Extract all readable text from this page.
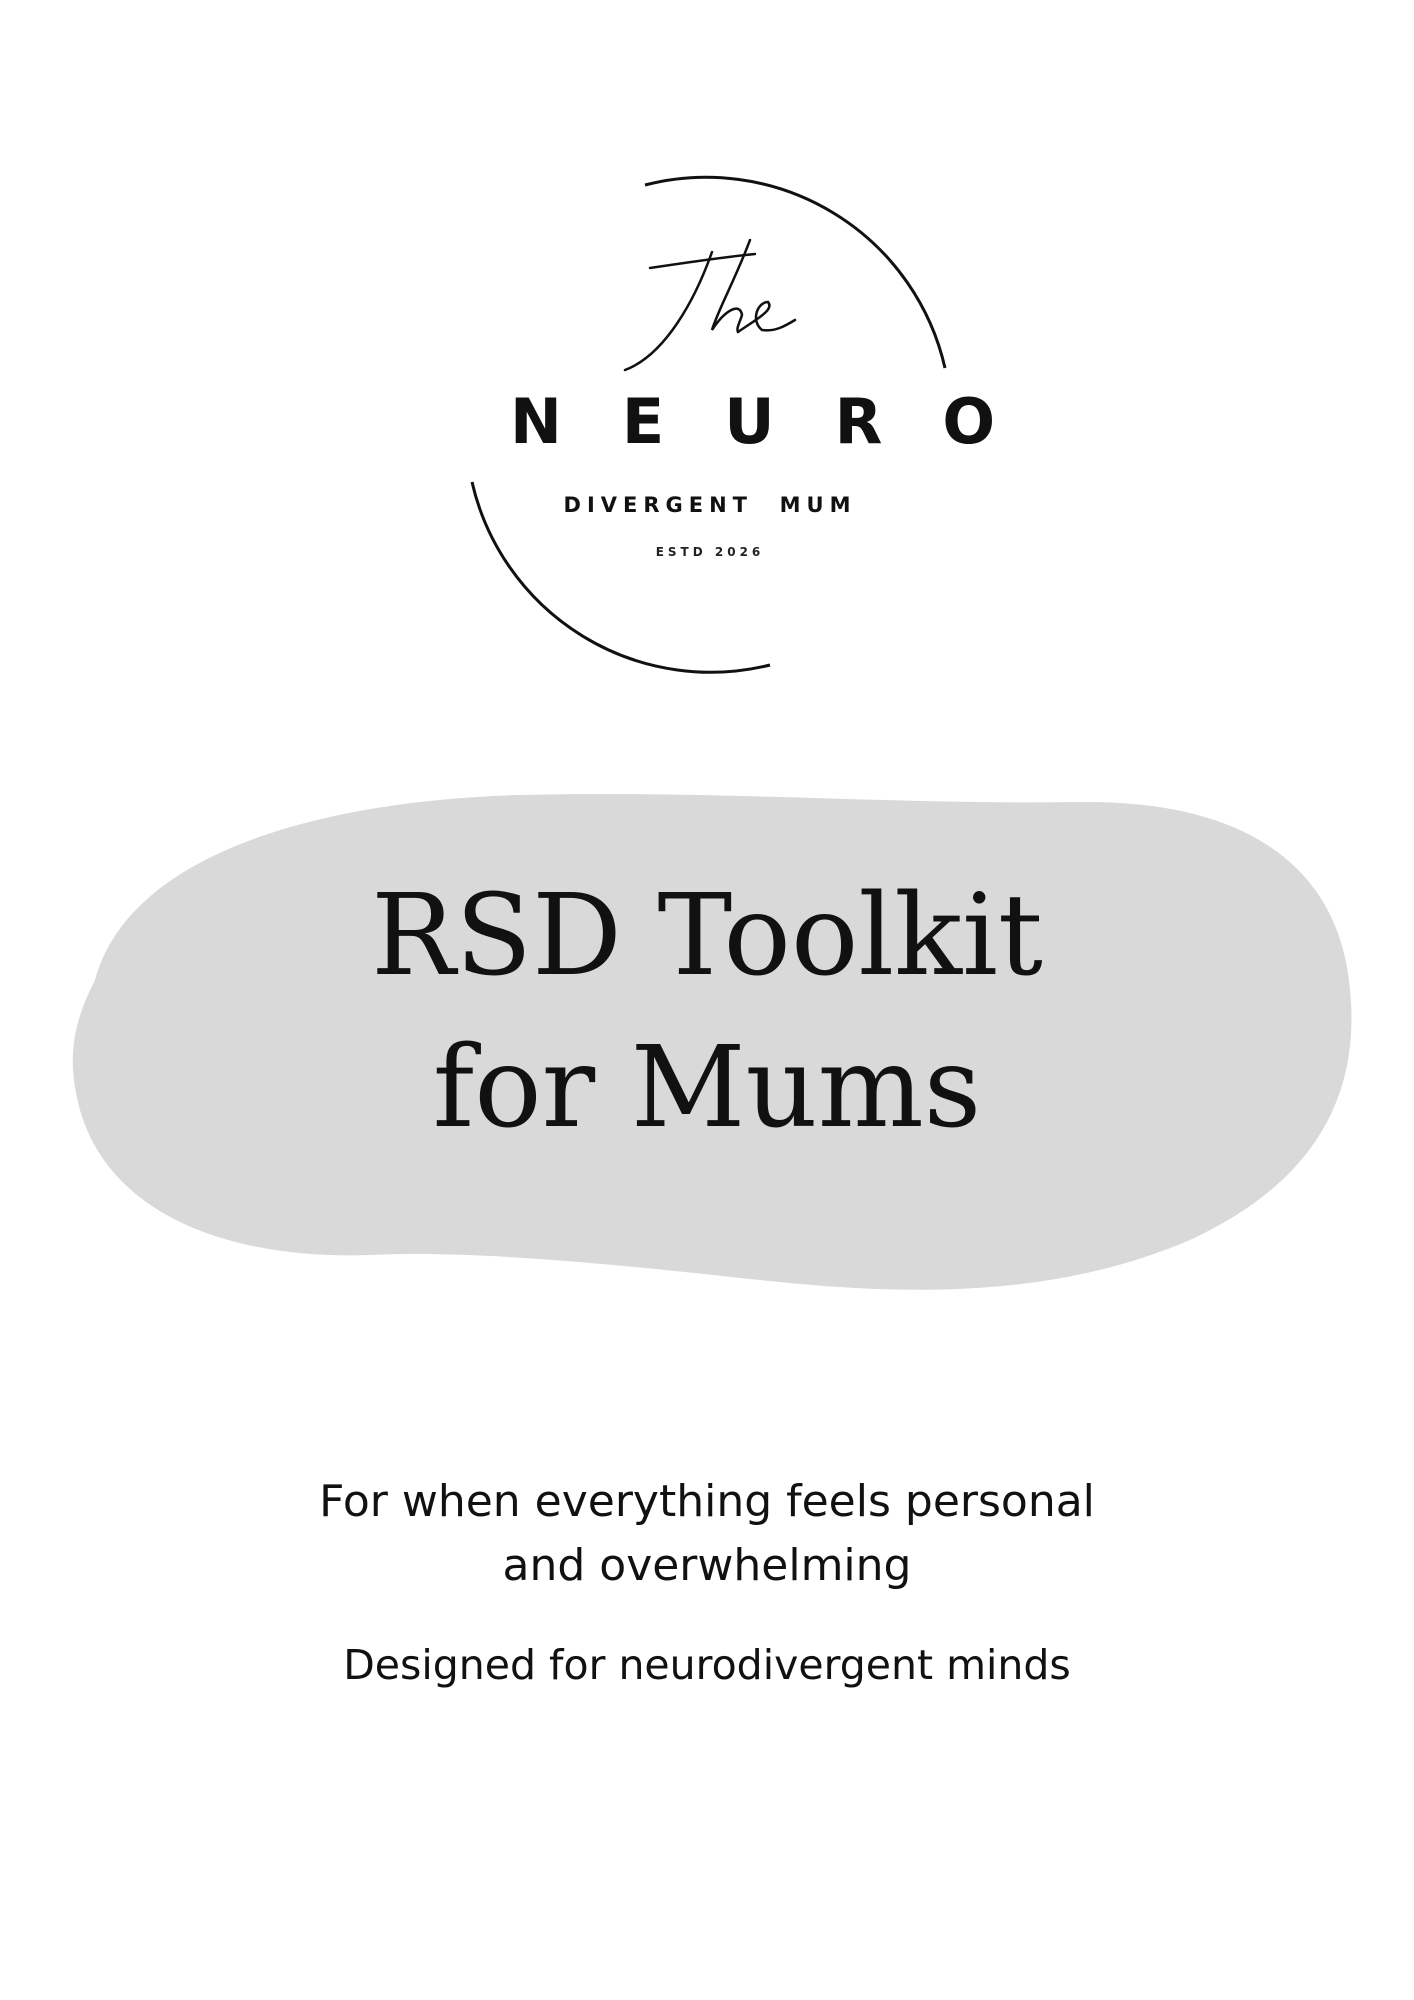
NEURO
DIVERGENT  MUM
ESTD 2026
RSD Toolkit
for Mums
For when everything feels personal
and overwhelming
Designed for neurodivergent minds
